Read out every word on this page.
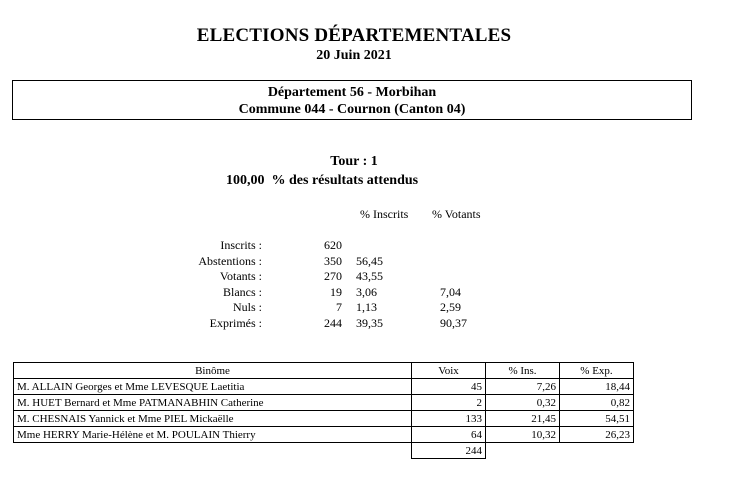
ELECTIONS DÉPARTEMENTALES
20 Juin 2021
Département 56 - Morbihan
Commune 044 - Cournon (Canton 04)
Tour : 1
100,00  % des résultats attendus
% Inscrits % Votants
Inscrits :	620
Abstentions :	350 56,45
Votants :	270 43,55
Blancs :	19 3,06	7,04
Nuls :	7 1,13	2,59
Exprimés :	244 39,35	90,37
Binôme	Voix	% Ins.	% Exp.
M. ALLAIN Georges et Mme LEVESQUE Laetitia	45	7,26	18,44
M. HUET Bernard et Mme PATMANABHIN Catherine	2	0,32	0,82
M. CHESNAIS Yannick et Mme PIEL Mickaëlle	133	21,45	54,51
Mme HERRY Marie-Hélène et M. POULAIN Thierry	64	10,32	26,23
	244		
